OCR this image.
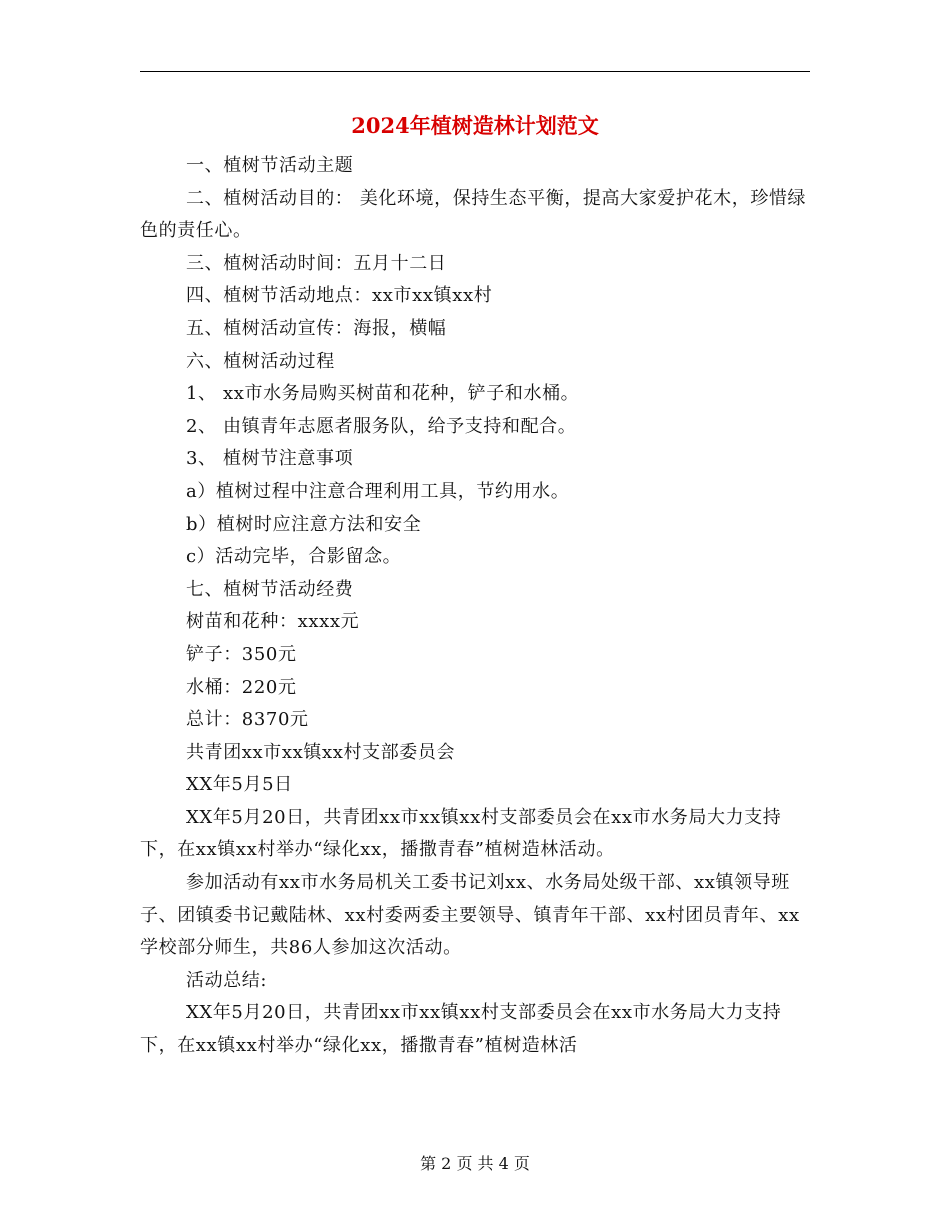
2024年植树造林计划范文

一、植树节活动主题

二、植树活动目的： 美化环境，保持生态平衡，提高大家爱护花木，珍惜绿色的责任心。

三、植树活动时间：五月十二日

四、植树节活动地点：xx市xx镇xx村

五、植树活动宣传：海报，横幅

六、植树活动过程

1、 xx市水务局购买树苗和花种，铲子和水桶。

2、 由镇青年志愿者服务队，给予支持和配合。

3、 植树节注意事项

a）植树过程中注意合理利用工具，节约用水。

b）植树时应注意方法和安全

c）活动完毕，合影留念。

七、植树节活动经费

树苗和花种：xxxx元

铲子：350元

水桶：220元

总计：8370元

共青团xx市xx镇xx村支部委员会

XX年5月5日

XX年5月20日，共青团xx市xx镇xx村支部委员会在xx市水务局大力支持下，在xx镇xx村举办“绿化xx，播撒青春”植树造林活动。

参加活动有xx市水务局机关工委书记刘xx、水务局处级干部、xx镇领导班子、团镇委书记戴陆林、xx村委两委主要领导、镇青年干部、xx村团员青年、xx学校部分师生，共86人参加这次活动。

活动总结:

XX年5月20日，共青团xx市xx镇xx村支部委员会在xx市水务局大力支持下，在xx镇xx村举办“绿化xx，播撒青春”植树造林活

第 2 页 共 4 页
